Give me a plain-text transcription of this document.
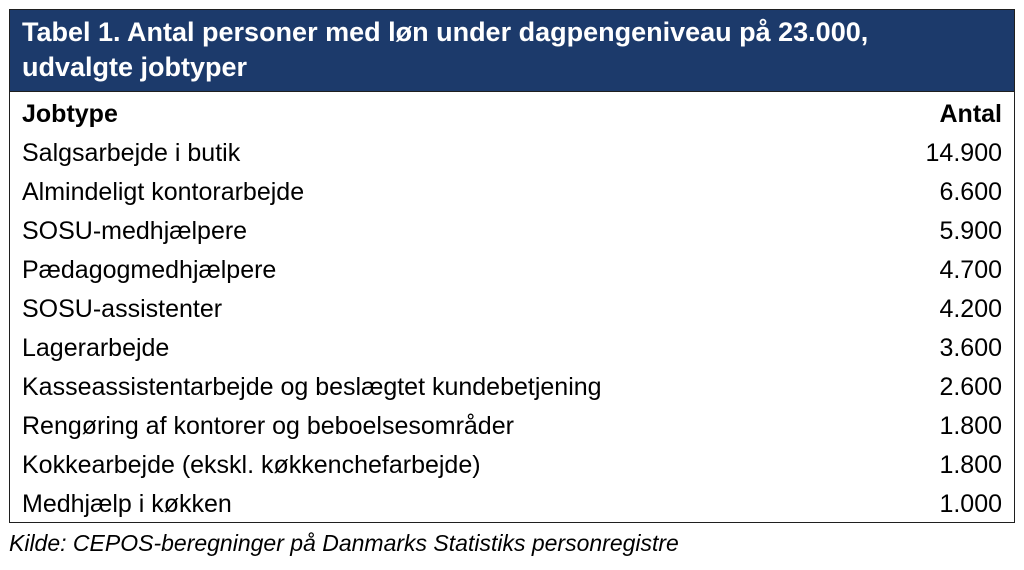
Tabel 1. Antal personer med løn under dagpengeniveau på 23.000,
udvalgte jobtyper
Jobtype	Antal
Salgsarbejde i butik	14.900
Almindeligt kontorarbejde	6.600
SOSU-medhjælpere	5.900
Pædagogmedhjælpere	4.700
SOSU-assistenter	4.200
Lagerarbejde	3.600
Kasseassistentarbejde og beslægtet kundebetjening	2.600
Rengøring af kontorer og beboelsesområder	1.800
Kokkearbejde (ekskl. køkkenchefarbejde)	1.800
Medhjælp i køkken	1.000
Kilde: CEPOS-beregninger på Danmarks Statistiks personregistre
